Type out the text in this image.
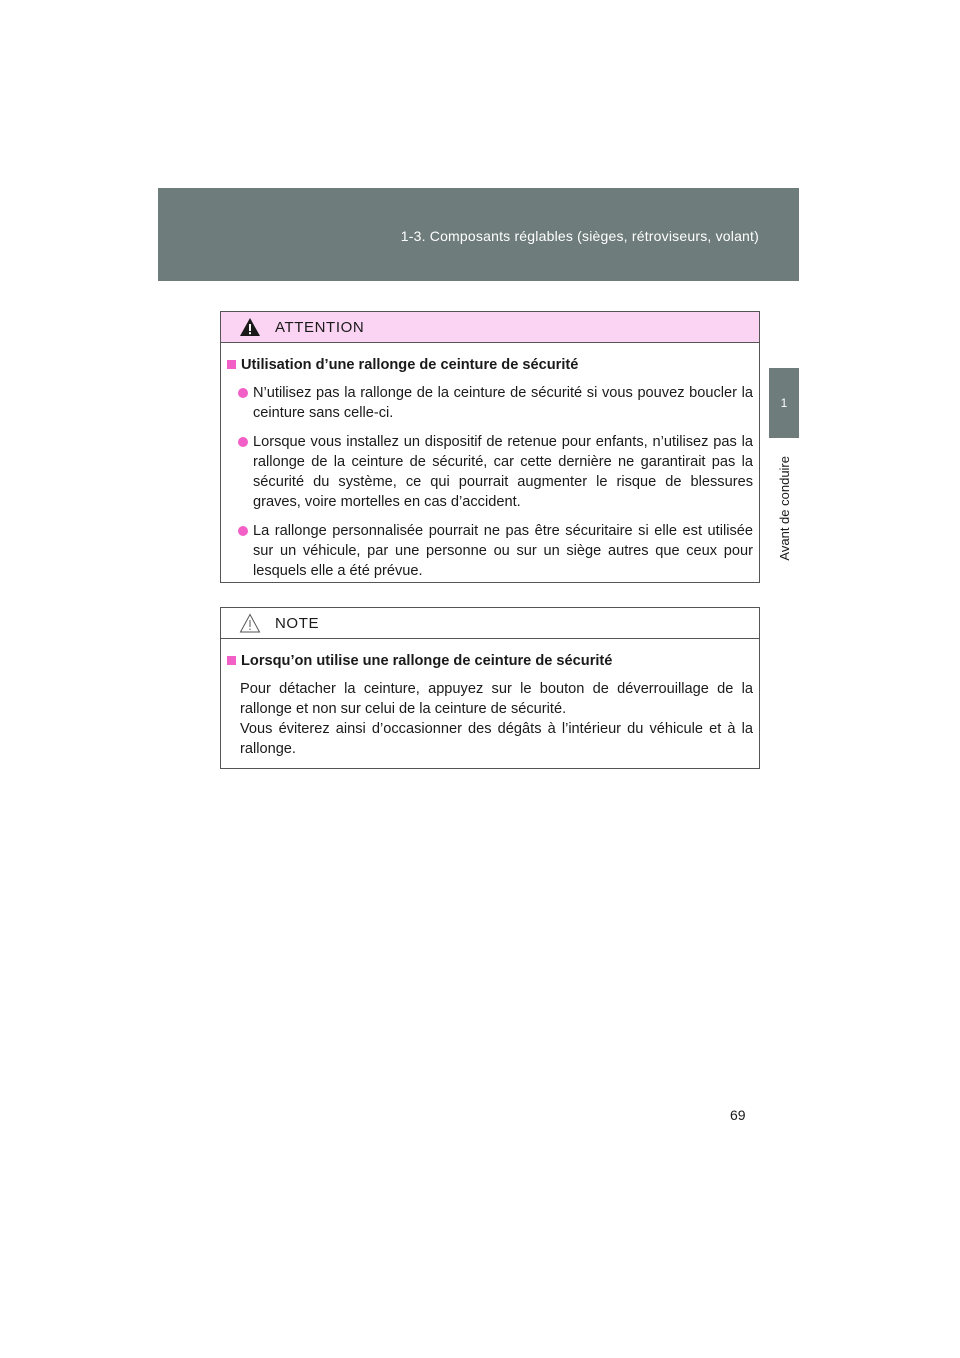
1-3. Composants réglables (sièges, rétroviseurs, volant)
1
Avant de conduire
ATTENTION
Utilisation d’une rallonge de ceinture de sécurité
N’utilisez pas la rallonge de la ceinture de sécurité si vous pouvez boucler la ceinture sans celle-ci.
Lorsque vous installez un dispositif de retenue pour enfants, n’utilisez pas la rallonge de la ceinture de sécurité, car cette dernière ne garantirait pas la sécurité du système, ce qui pourrait augmenter le risque de blessures graves, voire mortelles en cas d’accident.
La rallonge personnalisée pourrait ne pas être sécuritaire si elle est utilisée sur un véhicule, par une personne ou sur un siège autres que ceux pour lesquels elle a été prévue.
NOTE
Lorsqu’on utilise une rallonge de ceinture de sécurité

Pour détacher la ceinture, appuyez sur le bouton de déverrouillage de la rallonge et non sur celui de la ceinture de sécurité.

Vous éviterez ainsi d’occasionner des dégâts à l’intérieur du véhicule et à la rallonge.

69
